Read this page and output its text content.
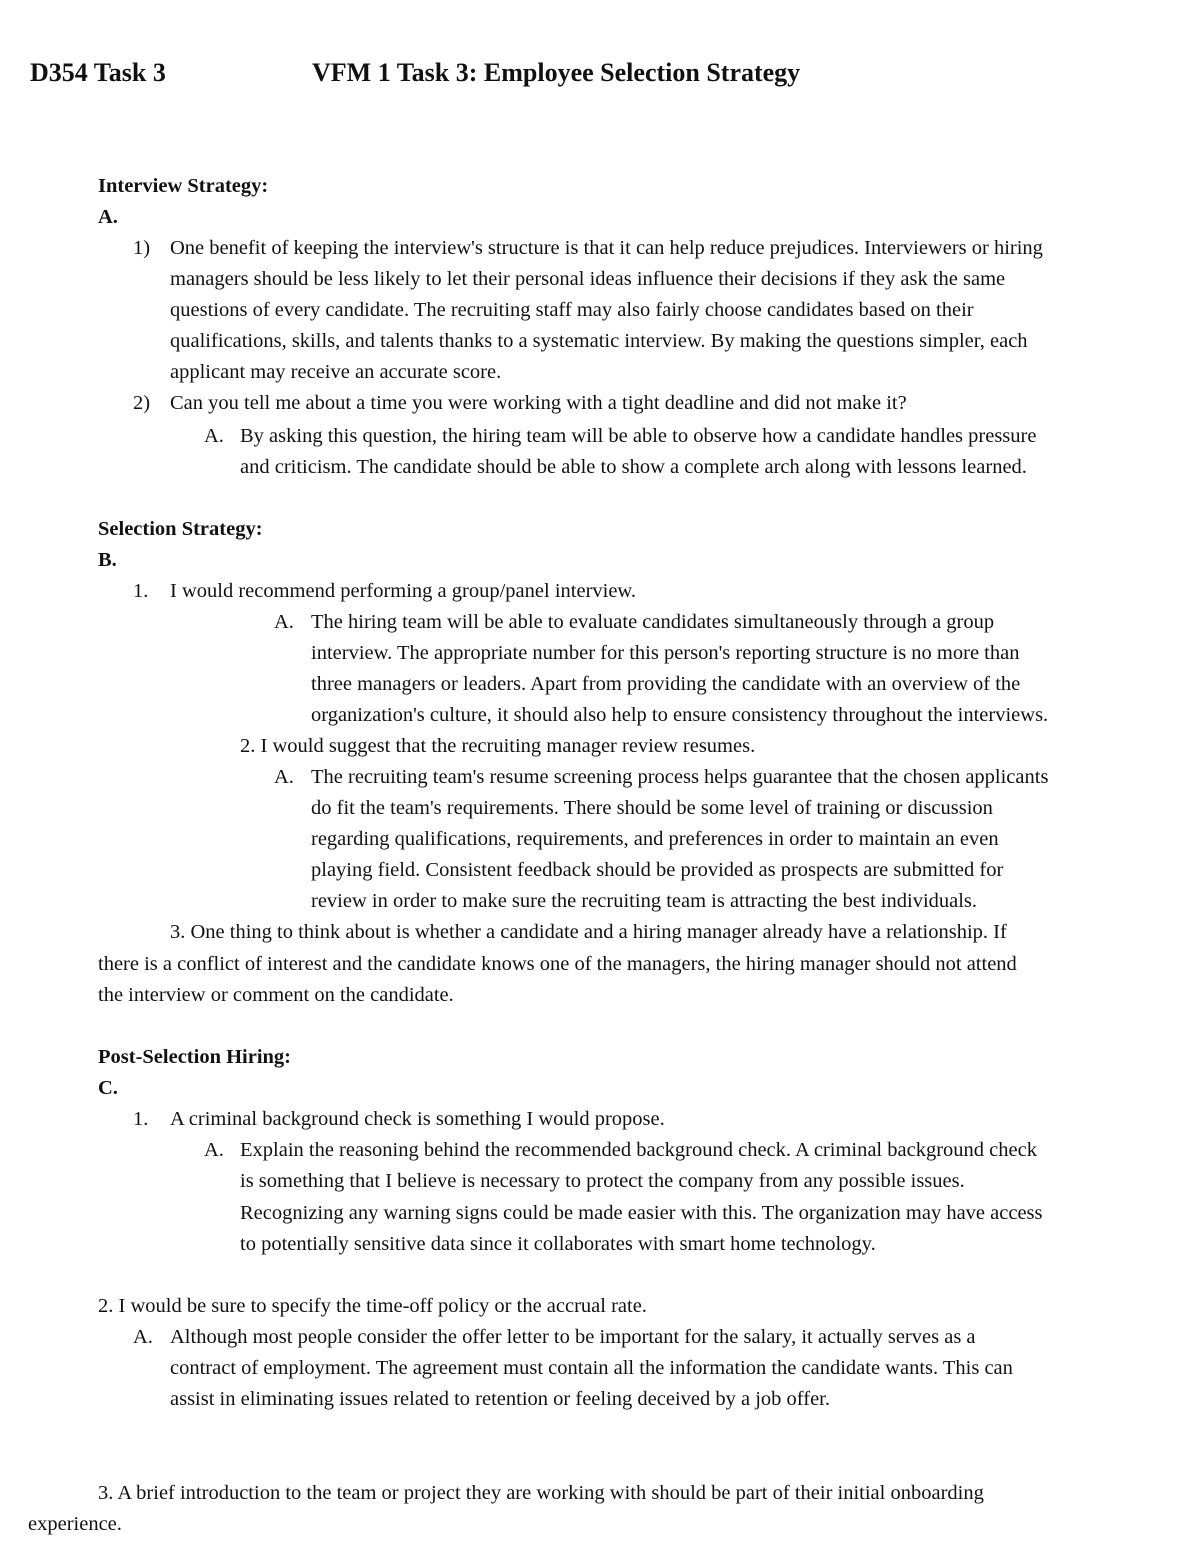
D354 Task 3	VFM 1 Task 3: Employee Selection Strategy
Interview Strategy:
A.
1) One benefit of keeping the interview's structure is that it can help reduce prejudices. Interviewers or hiring
managers should be less likely to let their personal ideas influence their decisions if they ask the same
questions of every candidate. The recruiting staff may also fairly choose candidates based on their
qualifications, skills, and talents thanks to a systematic interview. By making the questions simpler, each
applicant may receive an accurate score.
2) Can you tell me about a time you were working with a tight deadline and did not make it?
A. By asking this question, the hiring team will be able to observe how a candidate handles pressure
and criticism. The candidate should be able to show a complete arch along with lessons learned.
Selection Strategy:
B.
1. I would recommend performing a group/panel interview.
A. The hiring team will be able to evaluate candidates simultaneously through a group
interview. The appropriate number for this person's reporting structure is no more than
three managers or leaders. Apart from providing the candidate with an overview of the
organization's culture, it should also help to ensure consistency throughout the interviews.
2. I would suggest that the recruiting manager review resumes.
A. The recruiting team's resume screening process helps guarantee that the chosen applicants
do fit the team's requirements. There should be some level of training or discussion
regarding qualifications, requirements, and preferences in order to maintain an even
playing field. Consistent feedback should be provided as prospects are submitted for
review in order to make sure the recruiting team is attracting the best individuals.
3. One thing to think about is whether a candidate and a hiring manager already have a relationship. If
there is a conflict of interest and the candidate knows one of the managers, the hiring manager should not attend
the interview or comment on the candidate.
Post-Selection Hiring:
C.
1. A criminal background check is something I would propose.
A. Explain the reasoning behind the recommended background check. A criminal background check
is something that I believe is necessary to protect the company from any possible issues.
Recognizing any warning signs could be made easier with this. The organization may have access
to potentially sensitive data since it collaborates with smart home technology.
2. I would be sure to specify the time-off policy or the accrual rate.
A. Although most people consider the offer letter to be important for the salary, it actually serves as a
contract of employment. The agreement must contain all the information the candidate wants. This can
assist in eliminating issues related to retention or feeling deceived by a job offer.
3. A brief introduction to the team or project they are working with should be part of their initial onboarding
experience.
